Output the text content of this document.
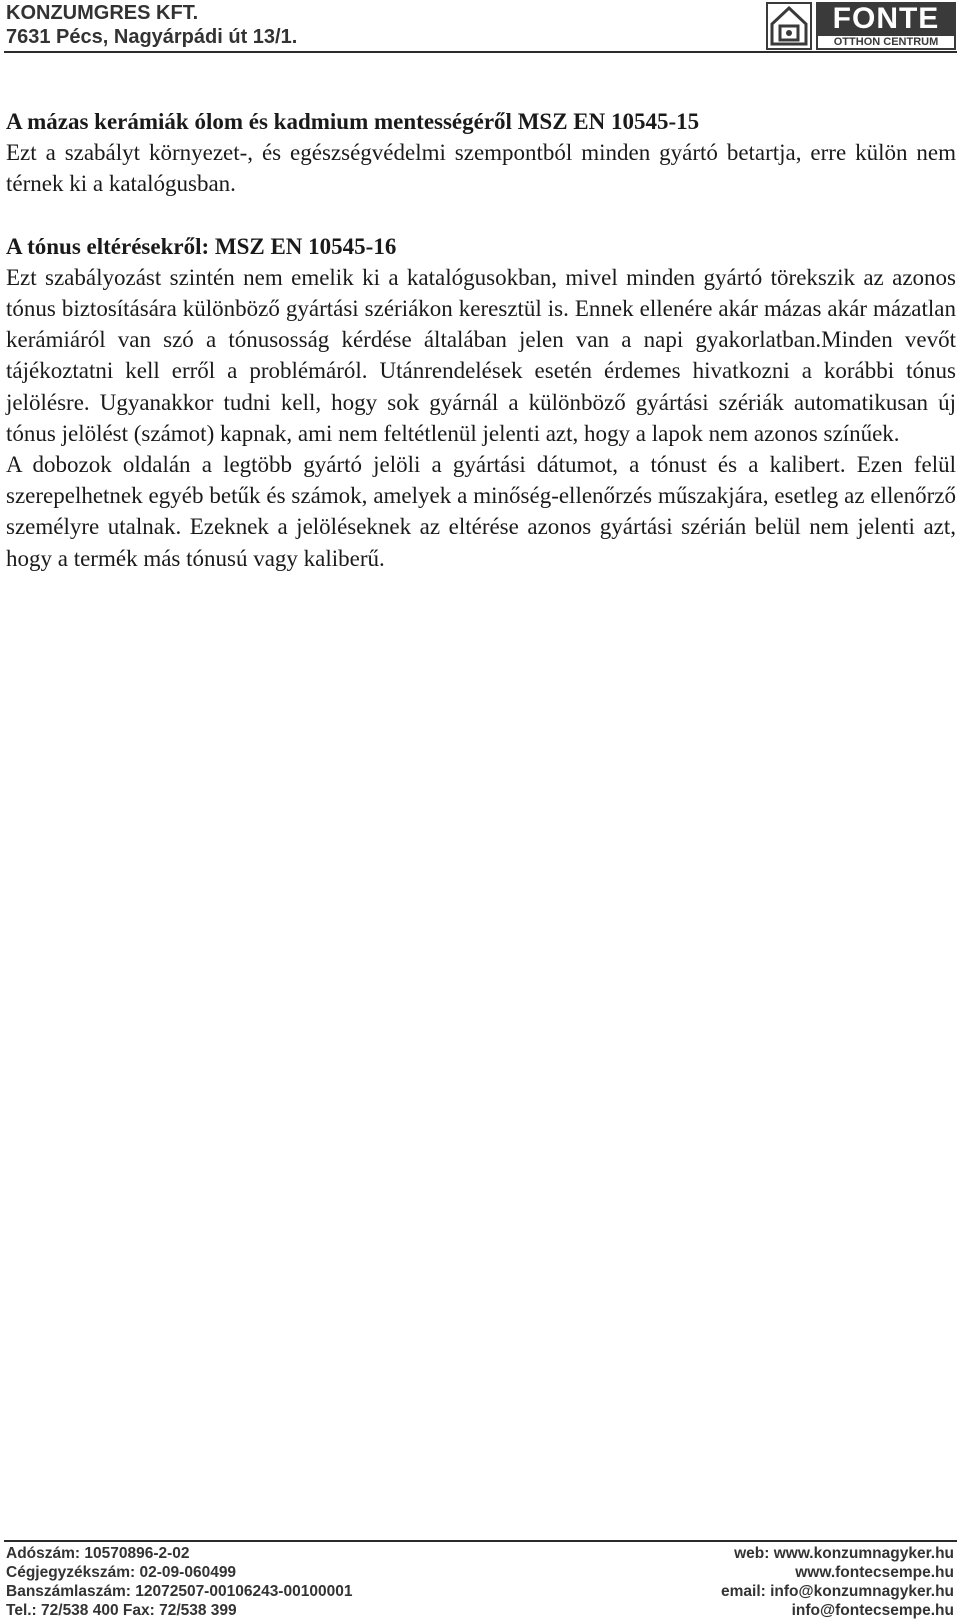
KONZUMGRES KFT.
7631 Pécs, Nagyárpádi út 13/1.
FONTE
OTTHON CENTRUM

A mázas kerámiák ólom és kadmium mentességéről MSZ EN 10545-15

Ezt a szabályt környezet-, és egészségvédelmi szempontból minden gyártó betartja, erre külön nem térnek ki a katalógusban.

A tónus eltérésekről: MSZ EN 10545-16

Ezt szabályozást szintén nem emelik ki a katalógusokban, mivel minden gyártó törekszik az azonos tónus biztosítására különböző gyártási szériákon keresztül is. Ennek ellenére akár mázas akár mázatlan kerámiáról van szó a tónusosság kérdése általában jelen van a napi gyakorlatban.Minden vevőt tájékoztatni kell erről a problémáról. Utánrendelések esetén érdemes hivatkozni a korábbi tónus jelölésre. Ugyanakkor tudni kell, hogy sok gyárnál a különböző gyártási szériák automatikusan új tónus jelölést (számot) kapnak, ami nem feltétlenül jelenti azt, hogy a lapok nem azonos színűek.

A dobozok oldalán a legtöbb gyártó jelöli a gyártási dátumot, a tónust és a kalibert. Ezen felül szerepelhetnek egyéb betűk és számok, amelyek a minőség-ellenőrzés műszakjára, esetleg az ellenőrző személyre utalnak. Ezeknek a jelöléseknek az eltérése azonos gyártási szérián belül nem jelenti azt, hogy a termék más tónusú vagy kaliberű.

Adószám: 10570896-2-02
Cégjegyzékszám: 02-09-060499
Banszámlaszám: 12072507-00106243-00100001
Tel.: 72/538 400 Fax: 72/538 399
web: www.konzumnagyker.hu
www.fontecsempe.hu
email: info@konzumnagyker.hu
info@fontecsempe.hu
